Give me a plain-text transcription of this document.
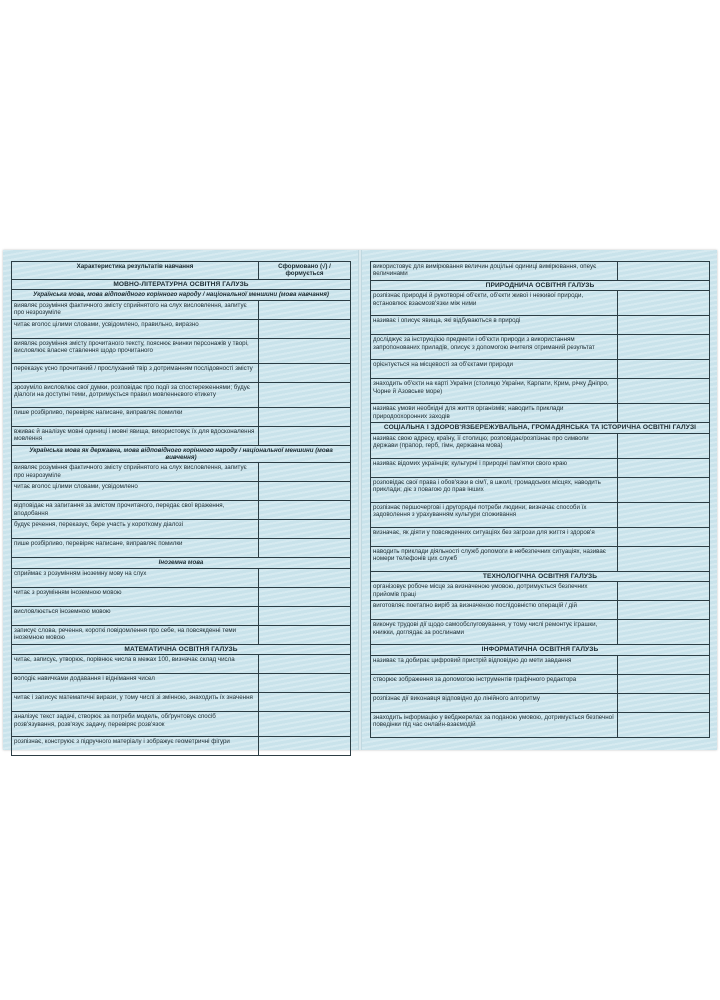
Характеристика результатів навчання	Сформовано (√) / формується
МОВНО-ЛІТЕРАТУРНА ОСВІТНЯ ГАЛУЗЬ	
Українська мова, мова відповідного корінного народу / національної меншини (мова навчання)	
виявляє розуміння фактичного змісту сприйнятого на слух висловлення, запитує про незрозуміле	
читає вголос цілими словами, усвідомлено, правильно, виразно	
виявляє розуміння змісту прочитаного тексту, пояснює вчинки персонажів у творі, висловлює власне ставлення щодо прочитаного	
переказує усно прочитаний / прослуханий твір з дотриманням послідовності змісту	
зрозуміло висловлює свої думки, розповідає про події за спостереженнями; будує діалоги на доступні теми, дотримується правил мовленнєвого етикету	
пише розбірливо, перевіряє написане, виправляє помилки	
вживає й аналізує мовні одиниці і мовні явища, використовує їх для вдосконалення мовлення	
Українська мова як державна, мова відповідного корінного народу / національної меншини (мова вивчення)	
виявляє розуміння фактичного змісту сприйнятого на слух висловлення, запитує про незрозуміле	
читає вголос цілими словами, усвідомлено	
відповідає на запитання за змістом прочитаного, передає свої враження, вподобання	
будує речення, переказує, бере участь у короткому діалозі	
пише розбірливо, перевіряє написане, виправляє помилки	
Іноземна мова	
сприймає з розумінням іноземну мову на слух	
читає з розумінням іноземною мовою	
висловлюється іноземною мовою	
записує слова, речення, короткі повідомлення про себе, на повсякденні теми іноземною мовою	
МАТЕМАТИЧНА ОСВІТНЯ ГАЛУЗЬ	
читає, записує, утворює, порівнює числа в межах 100, визначає склад числа	
володіє навичками додавання і віднімання чисел	
читає і записує математичні вирази, у тому числі зі змінною, знаходить їх значення	
аналізує текст задачі, створює за потреби модель, обґрунтовує спосіб розв'язування, розв'язує задачу, перевіряє розв'язок	
розпізнає, конструює з підручного матеріалу і зображує геометричні фігури	
використовує для вимірювання величин доцільні одиниці вимірювання, опеує величинами	
ПРИРОДНИЧА ОСВІТНЯ ГАЛУЗЬ	
розпізнає природні й рукотворні об'єкти, об'єкти живої і неживої природи, встановлює взаємозв'язки між ними	
називає і описує явища, які відбуваються в природі	
досліджує за інструкцією предмети і об'єкти природи з використанням запропонованих приладів, описує з допомогою вчителя отриманий результат	
орієнтується на місцевості за об'єктами природи	
знаходить об'єкти на карті України (столицю України, Карпати, Крим, річку Дніпро, Чорне й Азовське море)	
називає умови необхідні для життя організмів; наводить приклади природоохоронних заходів	
СОЦІАЛЬНА І ЗДОРОВ'ЯЗБЕРЕЖУВАЛЬНА, ГРОМАДЯНСЬКА ТА ІСТОРИЧНА ОСВІТНІ ГАЛУЗІ	
називає свою адресу, країну, її столицю; розповідає/розпізнає про символи держави (прапор, герб, гімн, державна мова)	
називає відомих українців; культурні і природні пам'ятки свого краю	
розповідає свої права і обов'язки в сім'ї, в школі, громадських місцях, наводить приклади; діє з повагою до прав інших	
розпізнає першочергові і другорядні потреби людини; визначає способи їх задоволення з урахуванням культури споживання	
визначає, як діяти у повсякденних ситуаціях без загрози для життя і здоров'я	
наводить приклади діяльності служб допомоги в небезпечних ситуаціях, називає номери телефонів цих служб	
ТЕХНОЛОГІЧНА ОСВІТНЯ ГАЛУЗЬ	
організовує робоче місце за визначеною умовою, дотримується безпечних прийомів праці	
виготовляє поетапно виріб за визначеною послідовністю операцій / дій	
виконує трудові дії щодо самообслуговування, у тому числі ремонтує іграшки, книжки, доглядає за рослинами	
ІНФОРМАТИЧНА ОСВІТНЯ ГАЛУЗЬ	
називає та добирає цифровий пристрій відповідно до мети завдання	
створює зображення за допомогою інструментів графічного редактора	
розпізнає дії виконавця відповідно до лінійного алгоритму	
знаходить інформацію у вебджерелах за поданою умовою, дотримується безпечної поведінки під час онлайн-взаємодій	
